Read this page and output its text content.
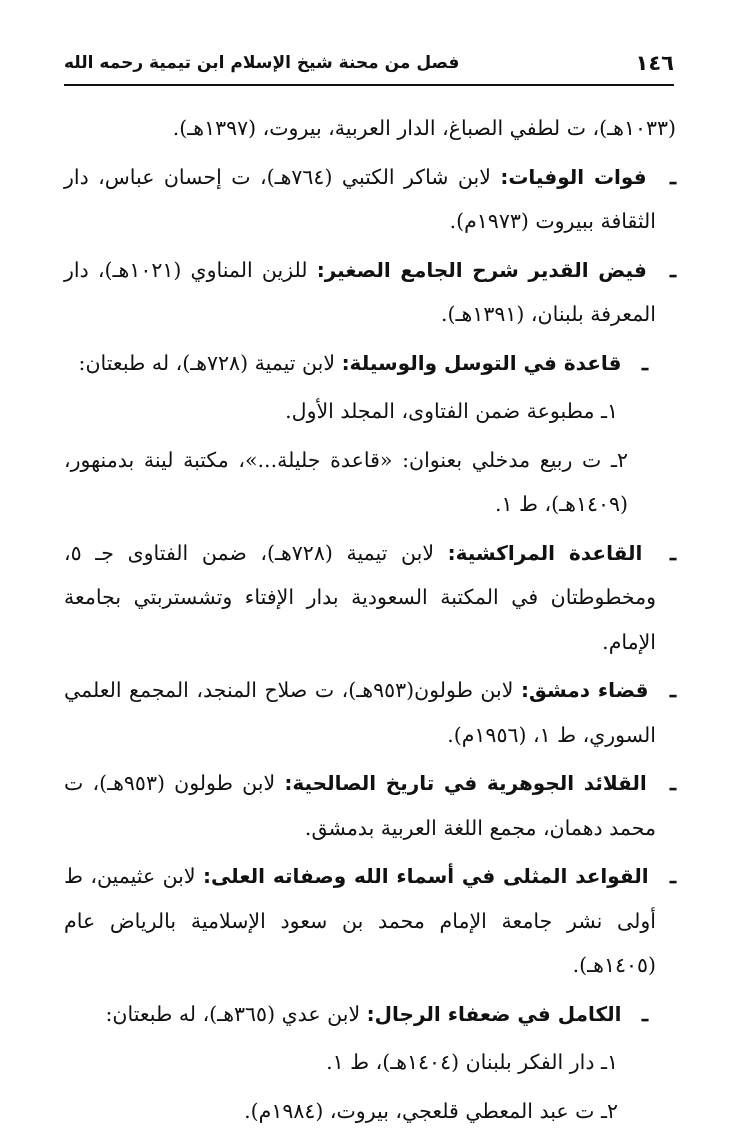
١٤٦
فصل من محنة شيخ الإسلام ابن تيمية رحمه الله

(١٠٣٣هـ)، ت لطفي الصباغ، الدار العربية، بيروت، (١٣٩٧هـ).

ـ فوات الوفيات: لابن شاكر الكتبي (٧٦٤هـ)، ت إحسان عباس، دار الثقافة ببيروت (١٩٧٣م).

ـ فيض القدير شرح الجامع الصغير: للزين المناوي (١٠٢١هـ)، دار المعرفة بلبنان، (١٣٩١هـ).

ـ قاعدة في التوسل والوسيلة: لابن تيمية (٧٢٨هـ)، له طبعتان:

١ـ مطبوعة ضمن الفتاوى، المجلد الأول.

٢ـ ت ربيع مدخلي بعنوان: «قاعدة جليلة...»، مكتبة لينة بدمنهور، (١٤٠٩هـ)، ط ١.

ـ القاعدة المراكشية: لابن تيمية (٧٢٨هـ)، ضمن الفتاوى جـ ٥، ومخطوطتان في المكتبة السعودية بدار الإفتاء وتشستربتي بجامعة الإمام.

ـ قضاء دمشق: لابن طولون(٩٥٣هـ)، ت صلاح المنجد، المجمع العلمي السوري، ط ١، (١٩٥٦م).

ـ القلائد الجوهرية في تاريخ الصالحية: لابن طولون (٩٥٣هـ)، ت محمد دهمان، مجمع اللغة العربية بدمشق.

ـ القواعد المثلى في أسماء الله وصفاته العلى: لابن عثيمين، ط أولى نشر جامعة الإمام محمد بن سعود الإسلامية بالرياض عام (١٤٠٥هـ).

ـ الكامل في ضعفاء الرجال: لابن عدي (٣٦٥هـ)، له طبعتان:

١ـ دار الفكر بلبنان (١٤٠٤هـ)، ط ١.

٢ـ ت عبد المعطي قلعجي، بيروت، (١٩٨٤م).
